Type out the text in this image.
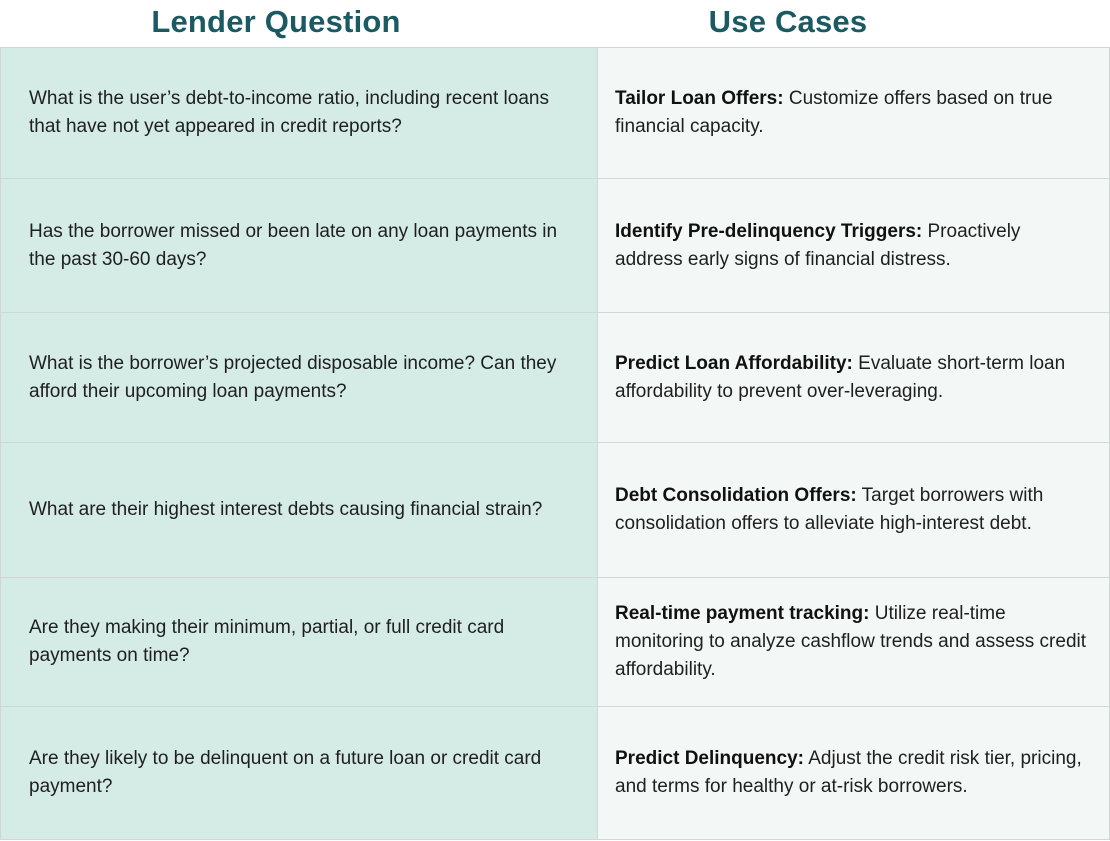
Lender Question	Use Cases
What is the user’s debt-to-income ratio, including recent loans that have not yet appeared in credit reports?	Tailor Loan Offers: Customize offers based on true financial capacity.
Has the borrower missed or been late on any loan payments in the past 30-60 days?	Identify Pre-delinquency Triggers: Proactively address early signs of financial distress.
What is the borrower’s projected disposable income? Can they afford their upcoming loan payments?	Predict Loan Affordability: Evaluate short-term loan affordability to prevent over-leveraging.
What are their highest interest debts causing financial strain?	Debt Consolidation Offers: Target borrowers with consolidation offers to alleviate high-interest debt.
Are they making their minimum, partial, or full credit card payments on time?	Real-time payment tracking: Utilize real-time monitoring to analyze cashflow trends and assess credit affordability.
Are they likely to be delinquent on a future loan or credit card payment?	Predict Delinquency: Adjust the credit risk tier, pricing, and terms for healthy or at-risk borrowers.
